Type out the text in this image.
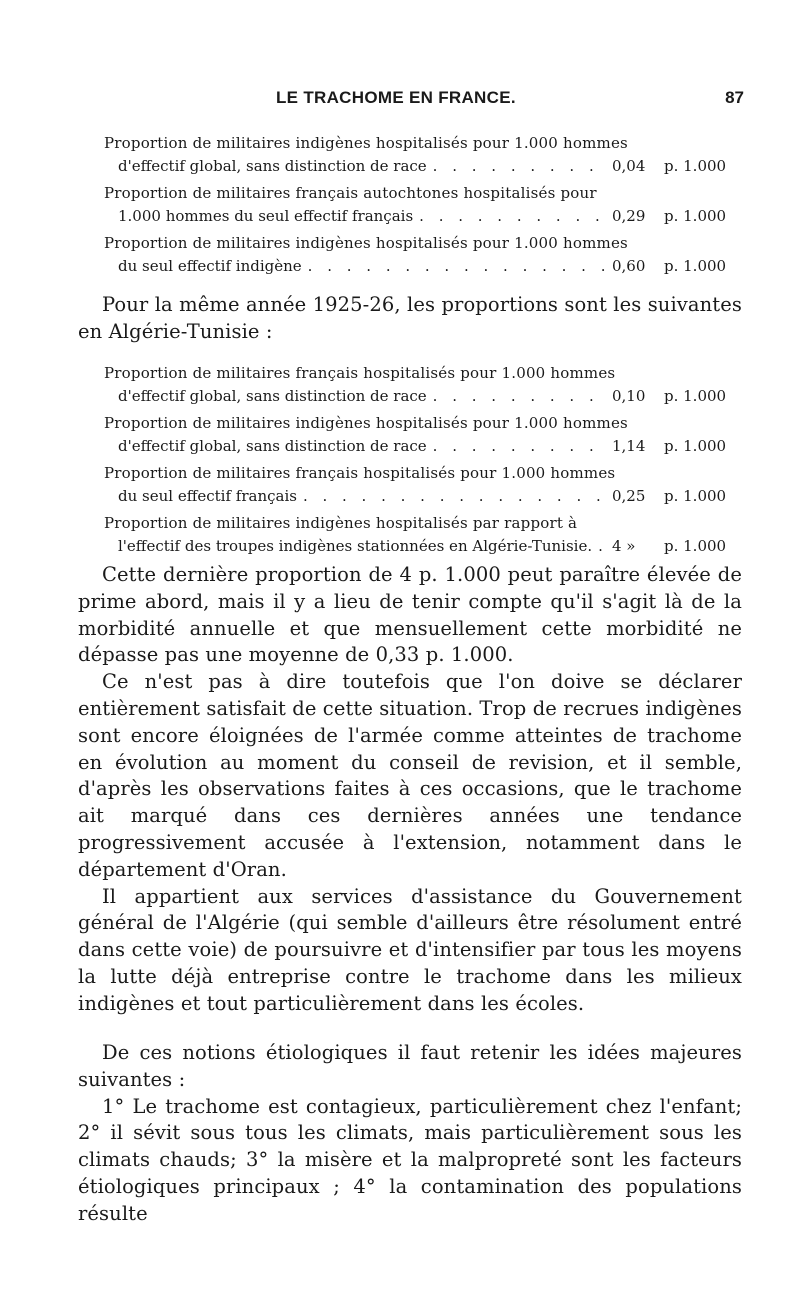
LE TRACHOME EN FRANCE.	87
Proportion de militaires indigènes hospitalisés pour 1.000 hommes
d'effectif global, sans distinction de race . . .	0,04	p. 1.000
Proportion de militaires français autochtones hospitalisés pour
1.000 hommes du seul effectif français . . .	0,29	p. 1.000
Proportion de militaires indigènes hospitalisés pour 1.000 hommes
du seul effectif indigène . . .	0,60	p. 1.000

Pour la même année 1925-26, les proportions sont les suivantes en Algérie-Tunisie :

Proportion de militaires français hospitalisés pour 1.000 hommes
d'effectif global, sans distinction de race . . .	0,10	p. 1.000
Proportion de militaires indigènes hospitalisés pour 1.000 hommes
d'effectif global, sans distinction de race . . .	1,14	p. 1.000
Proportion de militaires français hospitalisés pour 1.000 hommes
du seul effectif français . . .	0,25	p. 1.000
Proportion de militaires indigènes hospitalisés par rapport à
l'effectif des troupes indigènes stationnées en Algérie-Tunisie. . . . 4 »	p. 1.000

Cette dernière proportion de 4 p. 1.000 peut paraître élevée de prime abord, mais il y a lieu de tenir compte qu'il s'agit là de la morbidité annuelle et que mensuellement cette morbidité ne dépasse pas une moyenne de 0,33 p. 1.000.

Ce n'est pas à dire toutefois que l'on doive se déclarer entièrement satisfait de cette situation. Trop de recrues indigènes sont encore éloignées de l'armée comme atteintes de trachome en évolution au moment du conseil de revision, et il semble, d'après les observations faites à ces occasions, que le trachome ait marqué dans ces dernières années une tendance progressivement accusée à l'extension, notamment dans le département d'Oran.

Il appartient aux services d'assistance du Gouvernement général de l'Algérie (qui semble d'ailleurs être résolument entré dans cette voie) de poursuivre et d'intensifier par tous les moyens la lutte déjà entreprise contre le trachome dans les milieux indigènes et tout particulièrement dans les écoles.

De ces notions étiologiques il faut retenir les idées majeures suivantes :

1° Le trachome est contagieux, particulièrement chez l'enfant; 2° il sévit sous tous les climats, mais particulièrement sous les climats chauds; 3° la misère et la malpropreté sont les facteurs étiologiques principaux ; 4° la contamination des populations résulte
